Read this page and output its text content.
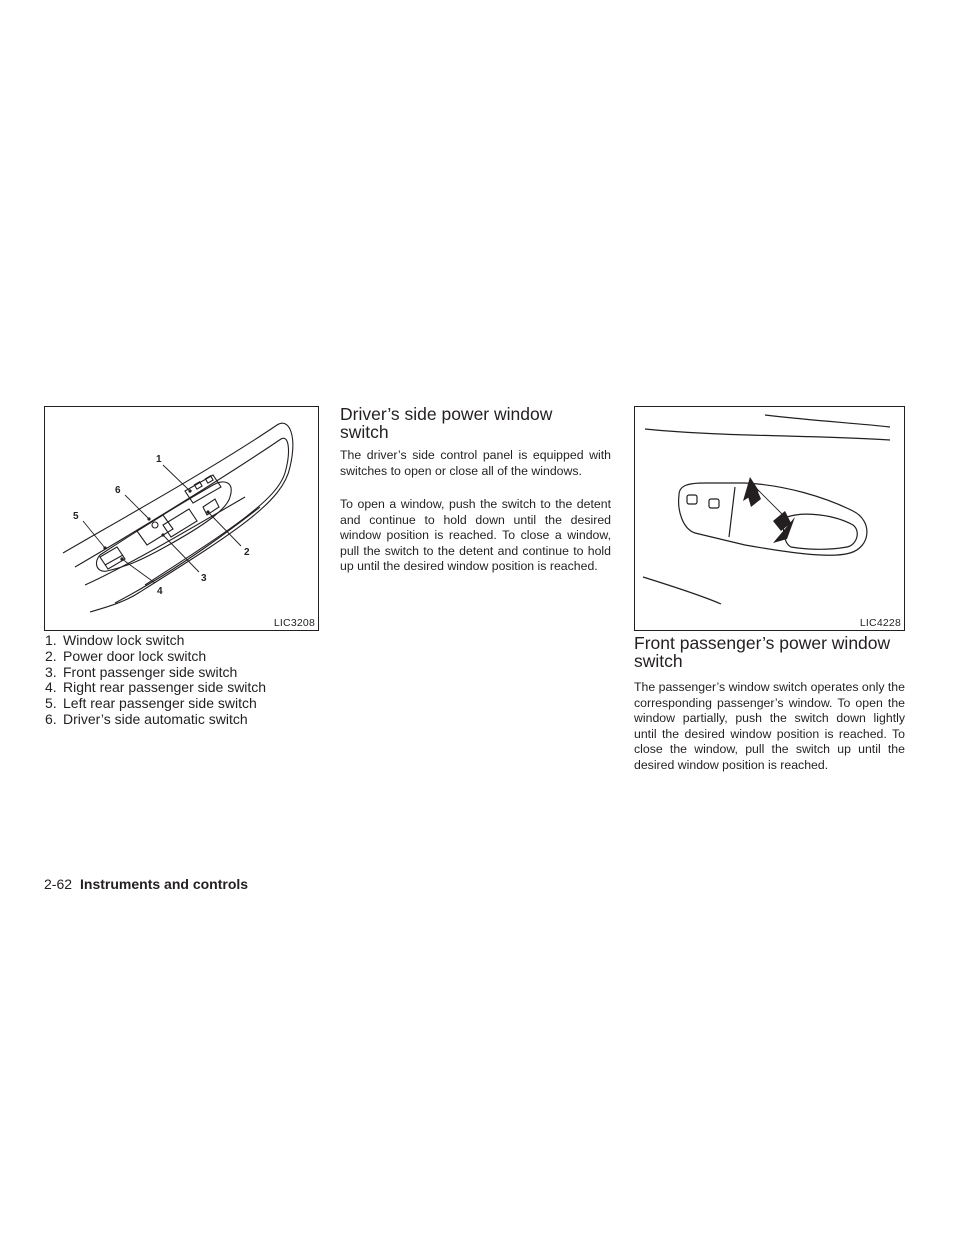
1
2
3
4
5
6
LIC3208
1. Window lock switch
2. Power door lock switch
3. Front passenger side switch
4. Right rear passenger side switch
5. Left rear passenger side switch
6. Driver’s side automatic switch
Driver’s side power window switch

The driver’s side control panel is equipped with switches to open or close all of the windows.

To open a window, push the switch to the detent and continue to hold down until the desired window position is reached. To close a window, pull the switch to the detent and continue to hold up until the desired window position is reached.

LIC4228
Front passenger’s power window switch

The passenger’s window switch operates only the corresponding passenger’s window. To open the window partially, push the switch down lightly until the desired window position is reached. To close the window, pull the switch up until the desired window position is reached.

2-62 Instruments and controls
